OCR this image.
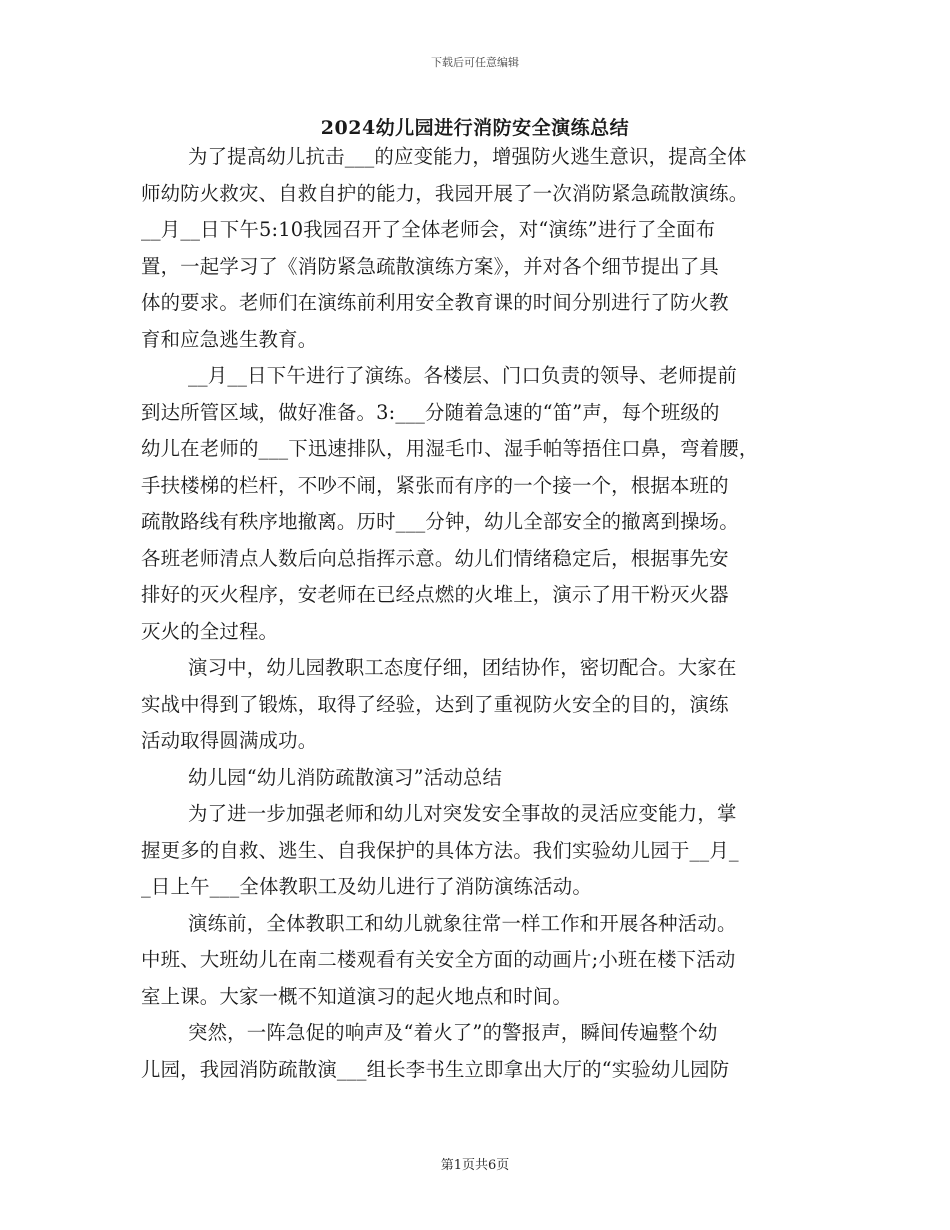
下载后可任意编辑
2024幼儿园进行消防安全演练总结
为了提高幼儿抗击___的应变能力，增强防火逃生意识，提高全体
师幼防火救灾、自救自护的能力，我园开展了一次消防紧急疏散演练。
__月__日下午5:10我园召开了全体老师会，对“演练”进行了全面布
置，一起学习了《消防紧急疏散演练方案》，并对各个细节提出了具
体的要求。老师们在演练前利用安全教育课的时间分别进行了防火教
育和应急逃生教育。
__月__日下午进行了演练。各楼层、门口负责的领导、老师提前
到达所管区域，做好准备。3:___分随着急速的“笛”声，每个班级的
幼儿在老师的___下迅速排队，用湿毛巾、湿手帕等捂住口鼻，弯着腰，
手扶楼梯的栏杆，不吵不闹，紧张而有序的一个接一个，根据本班的
疏散路线有秩序地撤离。历时___分钟，幼儿全部安全的撤离到操场。
各班老师清点人数后向总指挥示意。幼儿们情绪稳定后，根据事先安
排好的灭火程序，安老师在已经点燃的火堆上，演示了用干粉灭火器
灭火的全过程。
演习中，幼儿园教职工态度仔细，团结协作，密切配合。大家在
实战中得到了锻炼，取得了经验，达到了重视防火安全的目的，演练
活动取得圆满成功。
幼儿园“幼儿消防疏散演习”活动总结
为了进一步加强老师和幼儿对突发安全事故的灵活应变能力，掌
握更多的自救、逃生、自我保护的具体方法。我们实验幼儿园于__月_
_日上午___全体教职工及幼儿进行了消防演练活动。
演练前，全体教职工和幼儿就象往常一样工作和开展各种活动。
中班、大班幼儿在南二楼观看有关安全方面的动画片;小班在楼下活动
室上课。大家一概不知道演习的起火地点和时间。
突然，一阵急促的响声及“着火了”的警报声，瞬间传遍整个幼
儿园，我园消防疏散演___组长李书生立即拿出大厅的“实验幼儿园防
第1页共6页
